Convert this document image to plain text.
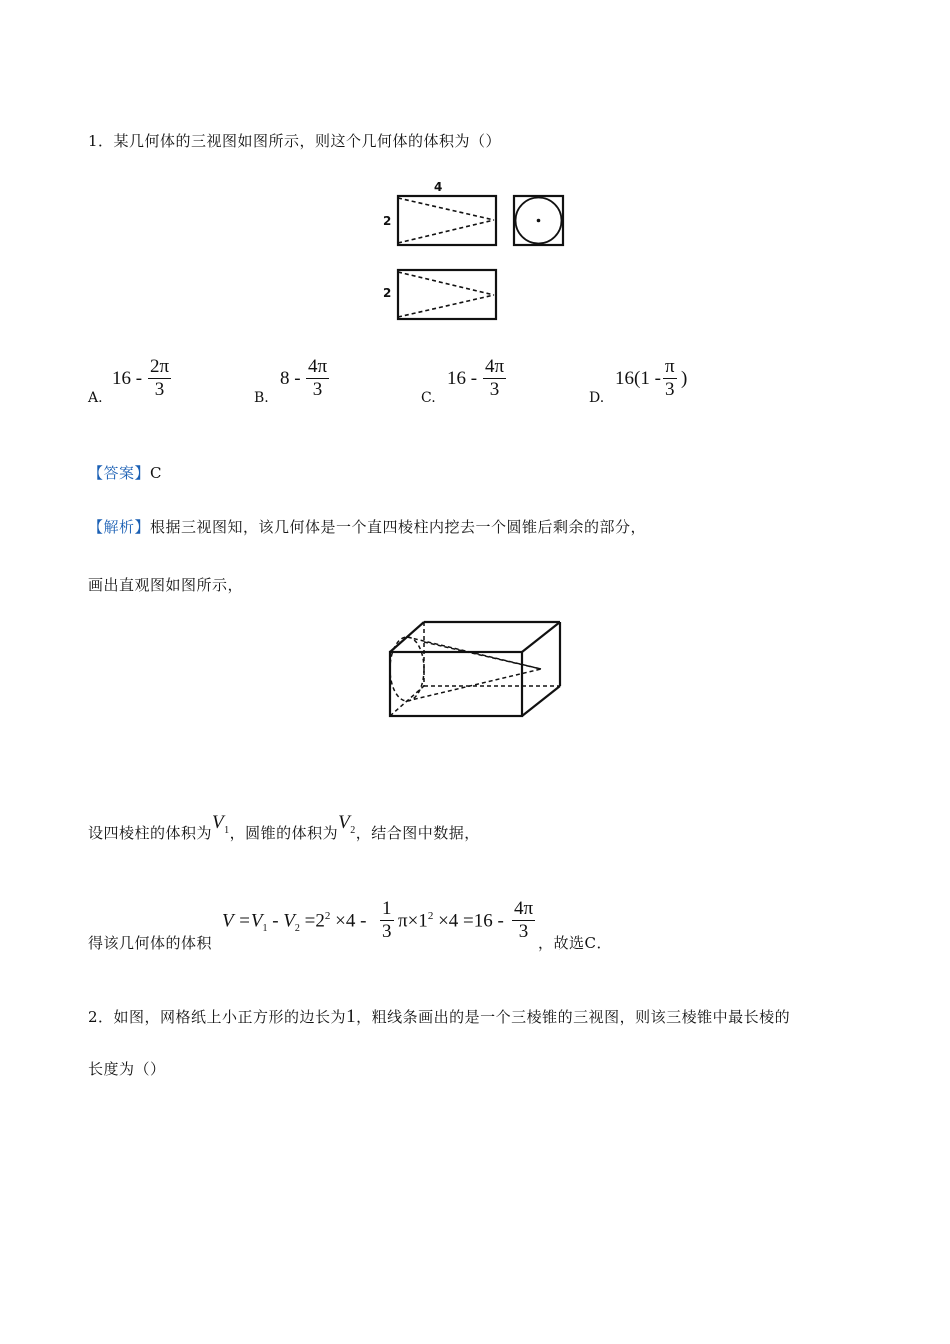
1．某几何体的三视图如图所示，则这个几何体的体积为（）
4
2
2
A.
$16 - \frac{2\pi}{3}$	B.
$8 - \frac{4\pi}{3}$	C.
$16 - \frac{4\pi}{3}$	D.
$16(1 - \frac{\pi}{3}$ )
【答案】C
【解析】根据三视图知，该几何体是一个直四棱柱内挖去一个圆锥后剩余的部分，
画出直观图如图所示，
设四棱柱的体积为$V_1$，圆锥的体积为$V_2$，结合图中数据，
得该几何体的体积
$V =V_1 - V_2 =2^2 \times 4 - \frac{1}{3} \pi\times 1^2 \times 4 =16 - \frac{4\pi}{3}$ ，故选C．
2．如图，网格纸上小正方形的边长为1，粗线条画出的是一个三棱锥的三视图，则该三棱锥中最长棱的
长度为（）
